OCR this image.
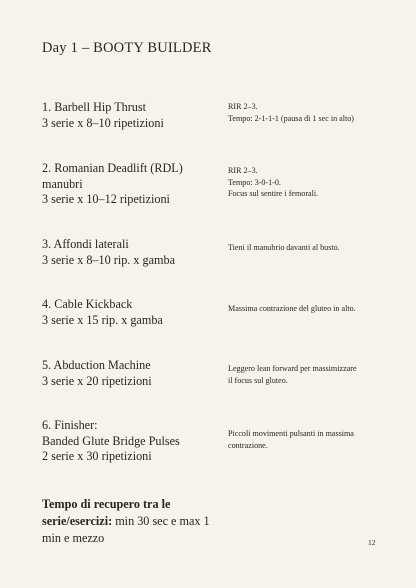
Day 1 – BOOTY BUILDER
1. Barbell Hip Thrust
3 serie x 8–10 ripetizioni
RIR 2–3.
Tempo: 2-1-1-1 (pausa di 1 sec in alto)
2. Romanian Deadlift (RDL)
manubri
3 serie x 10–12 ripetizioni
RIR 2–3.
Tempo: 3-0-1-0.
Focus sul sentire i femorali.
3. Affondi laterali
3 serie x 8–10 rip. x gamba
Tieni il manubrio davanti al busto.
4. Cable Kickback
3 serie x 15 rip. x gamba
Massima contrazione del gluteo in alto.
5. Abduction Machine
3 serie x 20 ripetizioni
Leggero lean forward per massimizzare
il focus sul gluteo.
6. Finisher:
Banded Glute Bridge Pulses
2 serie x 30 ripetizioni
Piccoli movimenti pulsanti in massima
contrazione.
Tempo di recupero tra le serie/esercizi: min 30 sec e max 1 min e mezzo	12
